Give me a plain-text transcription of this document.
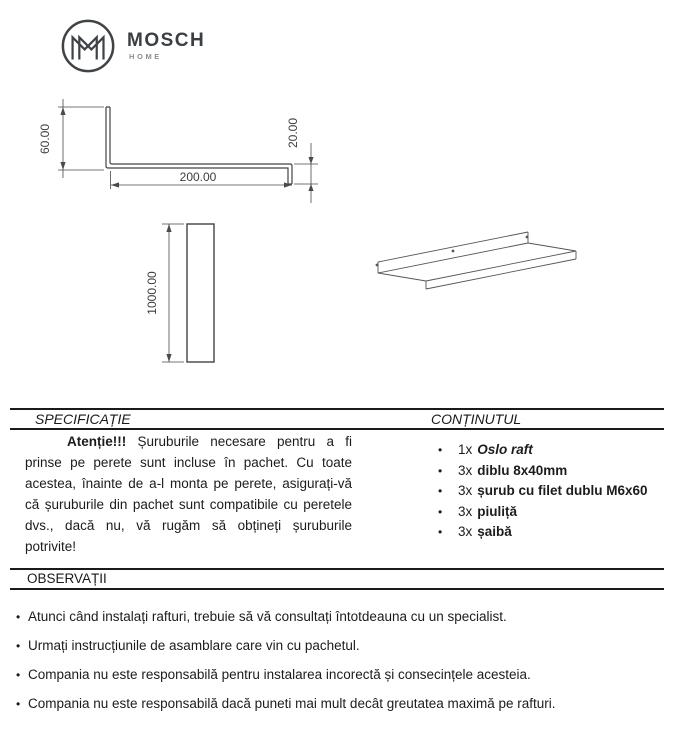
MOSCH
HOME
60.00
200.00
20.00
1000.00
SPECIFICAȚIE	CONȚINUTUL

Atenție!!! Șuruburile necesare pentru a fi prinse pe perete sunt incluse în pachet. Cu toate acestea, înainte de a-l monta pe perete, asigurați-vă că șuruburile din pachet sunt compatibile cu peretele dvs., dacă nu, vă rugăm să obțineți șuruburile potrivite!

•	1x Oslo raft
•	3x diblu 8x40mm
•	3x șurub cu filet dublu M6x60
•	3x piuliță
•	3x șaibă
OBSERVAȚII
• Atunci când instalați rafturi, trebuie să vă consultați întotdeauna cu un specialist.
• Urmați instrucțiunile de asamblare care vin cu pachetul.
• Compania nu este responsabilă pentru instalarea incorectă și consecințele acesteia.
• Compania nu este responsabilă dacă puneti mai mult decât greutatea maximă pe rafturi.
